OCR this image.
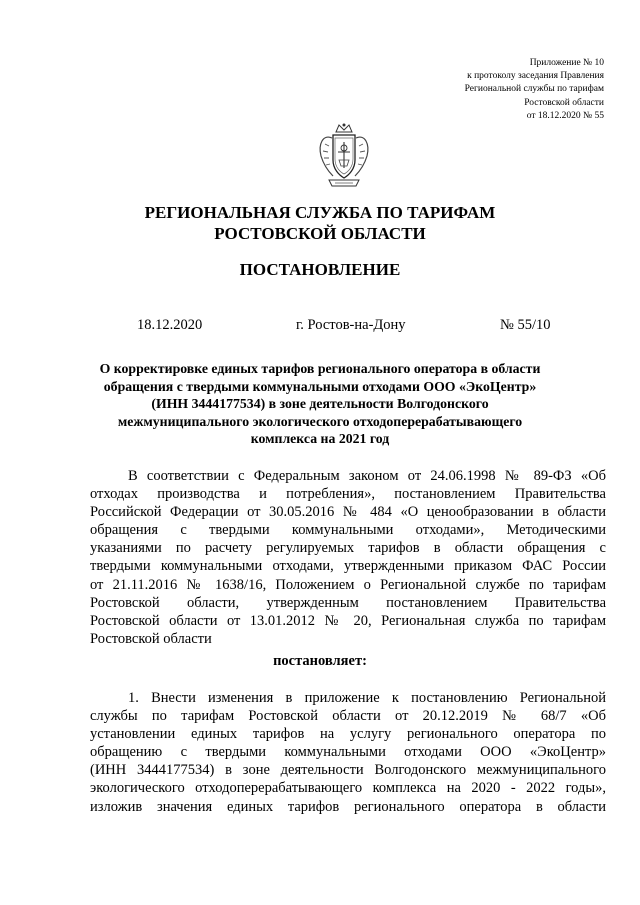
Приложение № 10
к протоколу заседания Правления
Региональной службы по тарифам
Ростовской области
от 18.12.2020 № 55
РЕГИОНАЛЬНАЯ СЛУЖБА ПО ТАРИФАМ
РОСТОВСКОЙ ОБЛАСТИ
ПОСТАНОВЛЕНИЕ
18.12.2020	г. Ростов-на-Дону	№ 55/10
О корректировке единых тарифов регионального оператора в области
обращения с твердыми коммунальными отходами ООО «ЭкоЦентр»
(ИНН 3444177534) в зоне деятельности Волгодонского
межмуниципального экологического отходоперерабатывающего
комплекса на 2021 год
В соответствии с Федеральным законом от 24.06.1998 № 89-ФЗ «Об
отходах производства и потребления», постановлением Правительства
Российской Федерации от 30.05.2016 № 484 «О ценообразовании в области
обращения с твердыми коммунальными отходами», Методическими
указаниями по расчету регулируемых тарифов в области обращения с
твердыми коммунальными отходами, утвержденными приказом ФАС России
от 21.11.2016 № 1638/16, Положением о Региональной службе по тарифам
Ростовской области, утвержденным постановлением Правительства
Ростовской области от 13.01.2012 № 20, Региональная служба по тарифам
Ростовской области
постановляет:
1. Внести изменения в приложение к постановлению Региональной
службы по тарифам Ростовской области от 20.12.2019 № 68/7 «Об
установлении единых тарифов на услугу регионального оператора по
обращению с твердыми коммунальными отходами ООО «ЭкоЦентр»
(ИНН 3444177534) в зоне деятельности Волгодонского межмуниципального
экологического отходоперерабатывающего комплекса на 2020 - 2022 годы»,
изложив значения единых тарифов регионального оператора в области
